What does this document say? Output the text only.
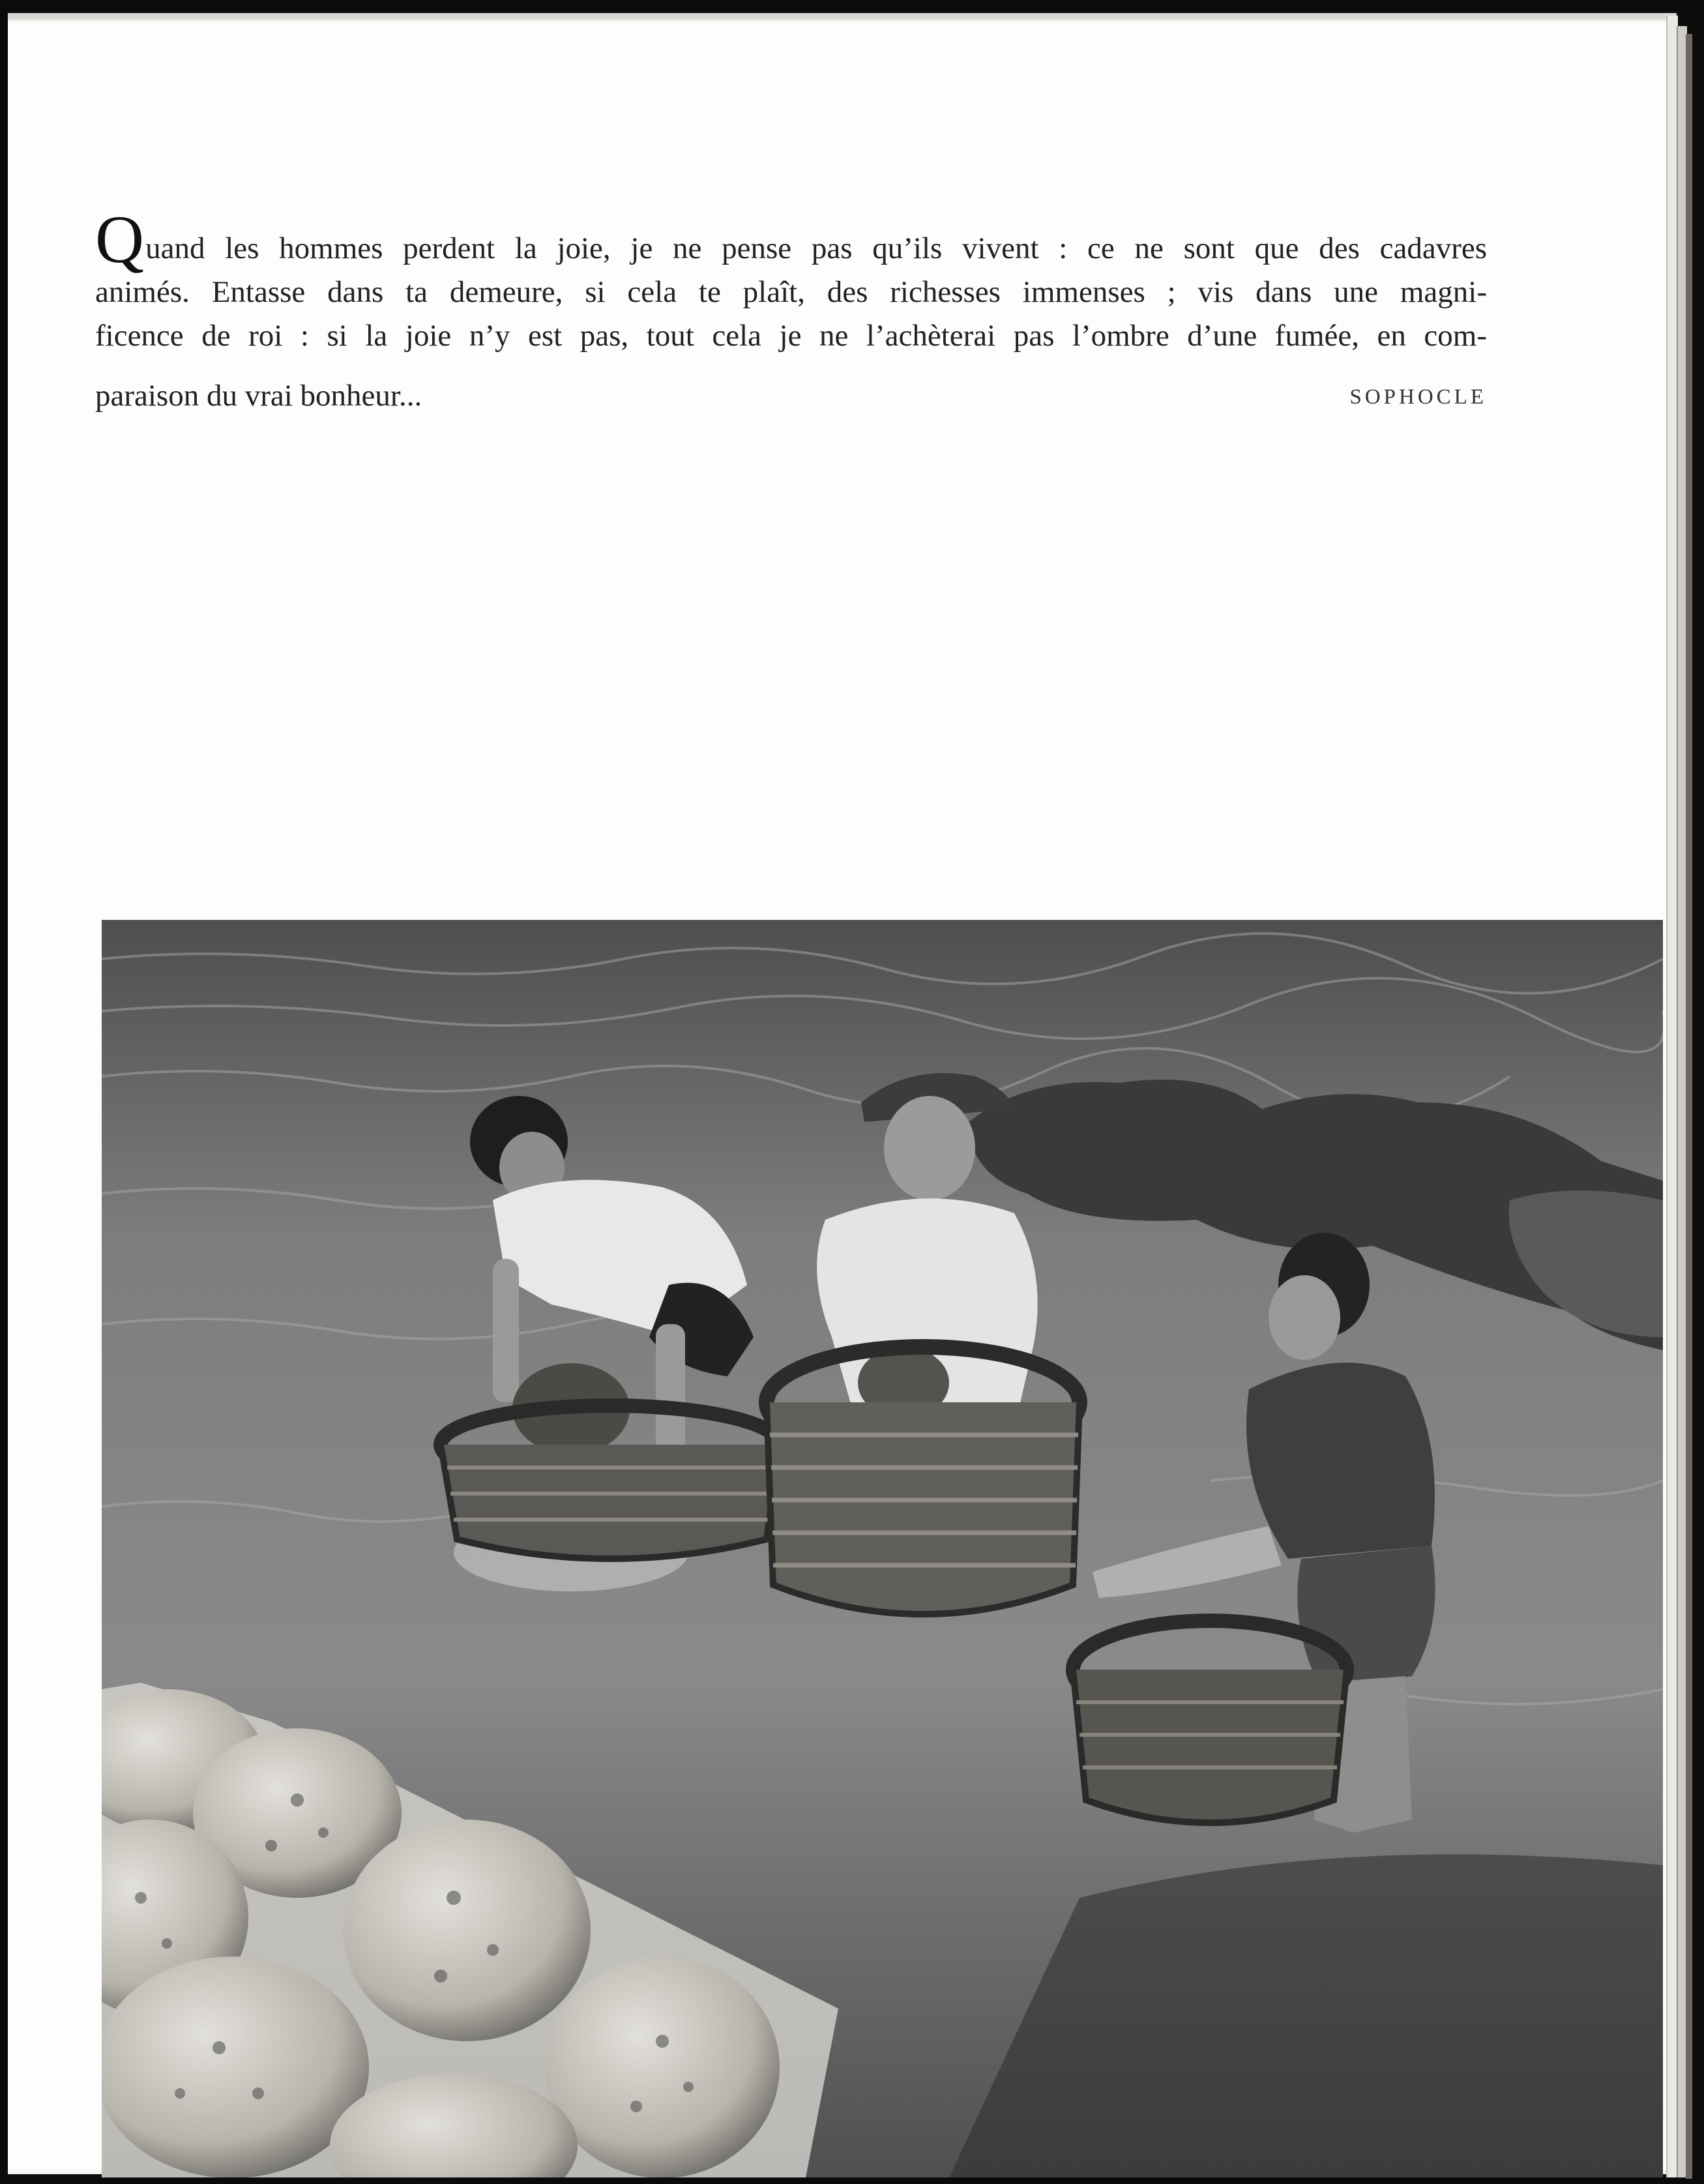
Quand les hommes perdent la joie, je ne pense pas qu’ils vivent : ce ne sont que des cadavres
animés. Entasse dans ta demeure, si cela te plaît, des richesses immenses ; vis dans une magni-
ficence de roi : si la joie n’y est pas, tout cela je ne l’achèterai pas l’ombre d’une fumée, en com-

paraison du vrai bonheur...	SOPHOCLE
